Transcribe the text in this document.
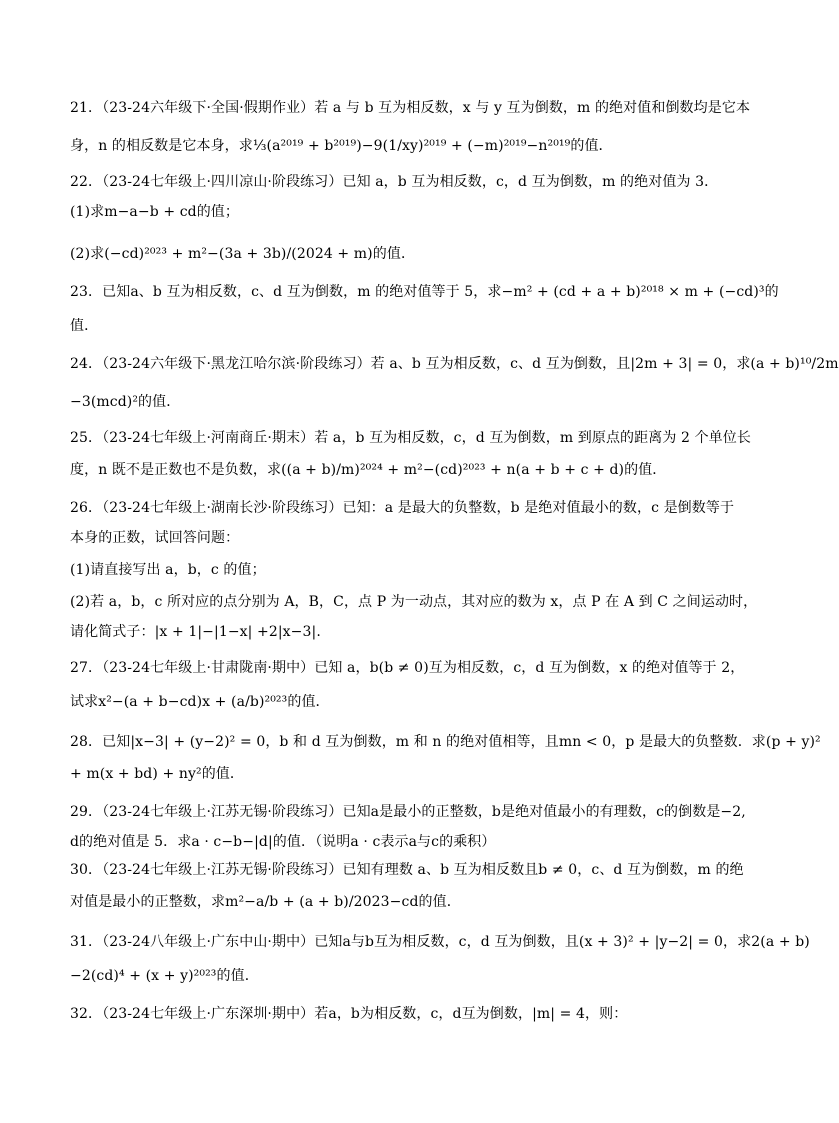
21．（23-24六年级下·全国·假期作业）若 a 与 b 互为相反数，x 与 y 互为倒数，m 的绝对值和倒数均是它本
身，n 的相反数是它本身，求⅓(a²⁰¹⁹ + b²⁰¹⁹)−9(1/xy)²⁰¹⁹ + (−m)²⁰¹⁹−n²⁰¹⁹的值．
22．（23-24七年级上·四川凉山·阶段练习）已知 a，b 互为相反数，c，d 互为倒数，m 的绝对值为 3．
(1)求m−a−b + cd的值；
(2)求(−cd)²⁰²³ + m²−(3a + 3b)/(2024 + m)的值．
23．已知a、b 互为相反数，c、d 互为倒数，m 的绝对值等于 5，求−m² + (cd + a + b)²⁰¹⁸ × m + (−cd)³的
值．
24．（23-24六年级下·黑龙江哈尔滨·阶段练习）若 a、b 互为相反数，c、d 互为倒数，且|2m + 3| = 0，求(a + b)¹⁰/2m
−3(mcd)²的值．
25．（23-24七年级上·河南商丘·期末）若 a，b 互为相反数，c，d 互为倒数，m 到原点的距离为 2 个单位长
度，n 既不是正数也不是负数，求((a + b)/m)²⁰²⁴ + m²−(cd)²⁰²³ + n(a + b + c + d)的值．
26．（23-24七年级上·湖南长沙·阶段练习）已知：a 是最大的负整数，b 是绝对值最小的数，c 是倒数等于
本身的正数，试回答问题：
(1)请直接写出 a，b，c 的值；
(2)若 a，b，c 所对应的点分别为 A，B，C，点 P 为一动点，其对应的数为 x，点 P 在 A 到 C 之间运动时，
请化简式子：|x + 1|−|1−x| +2|x−3|.
27．（23-24七年级上·甘肃陇南·期中）已知 a，b(b ≠ 0)互为相反数，c，d 互为倒数，x 的绝对值等于 2，
试求x²−(a + b−cd)x + (a/b)²⁰²³的值．
28．已知|x−3| + (y−2)² = 0，b 和 d 互为倒数，m 和 n 的绝对值相等，且mn < 0，p 是最大的负整数．求(p + y)²
+ m(x + bd) + ny²的值．
29．（23-24七年级上·江苏无锡·阶段练习）已知a是最小的正整数，b是绝对值最小的有理数，c的倒数是−2,
d的绝对值是 5．求a · c−b−|d|的值．（说明a · c表示a与c的乘积）
30．（23-24七年级上·江苏无锡·阶段练习）已知有理数 a、b 互为相反数且b ≠ 0，c、d 互为倒数，m 的绝
对值是最小的正整数，求m²−a/b + (a + b)/2023−cd的值．
31．（23-24八年级上·广东中山·期中）已知a与b互为相反数，c，d 互为倒数，且(x + 3)² + |y−2| = 0，求2(a + b)
−2(cd)⁴ + (x + y)²⁰²³的值．
32．（23-24七年级上·广东深圳·期中）若a，b为相反数，c，d互为倒数，|m| = 4，则：
